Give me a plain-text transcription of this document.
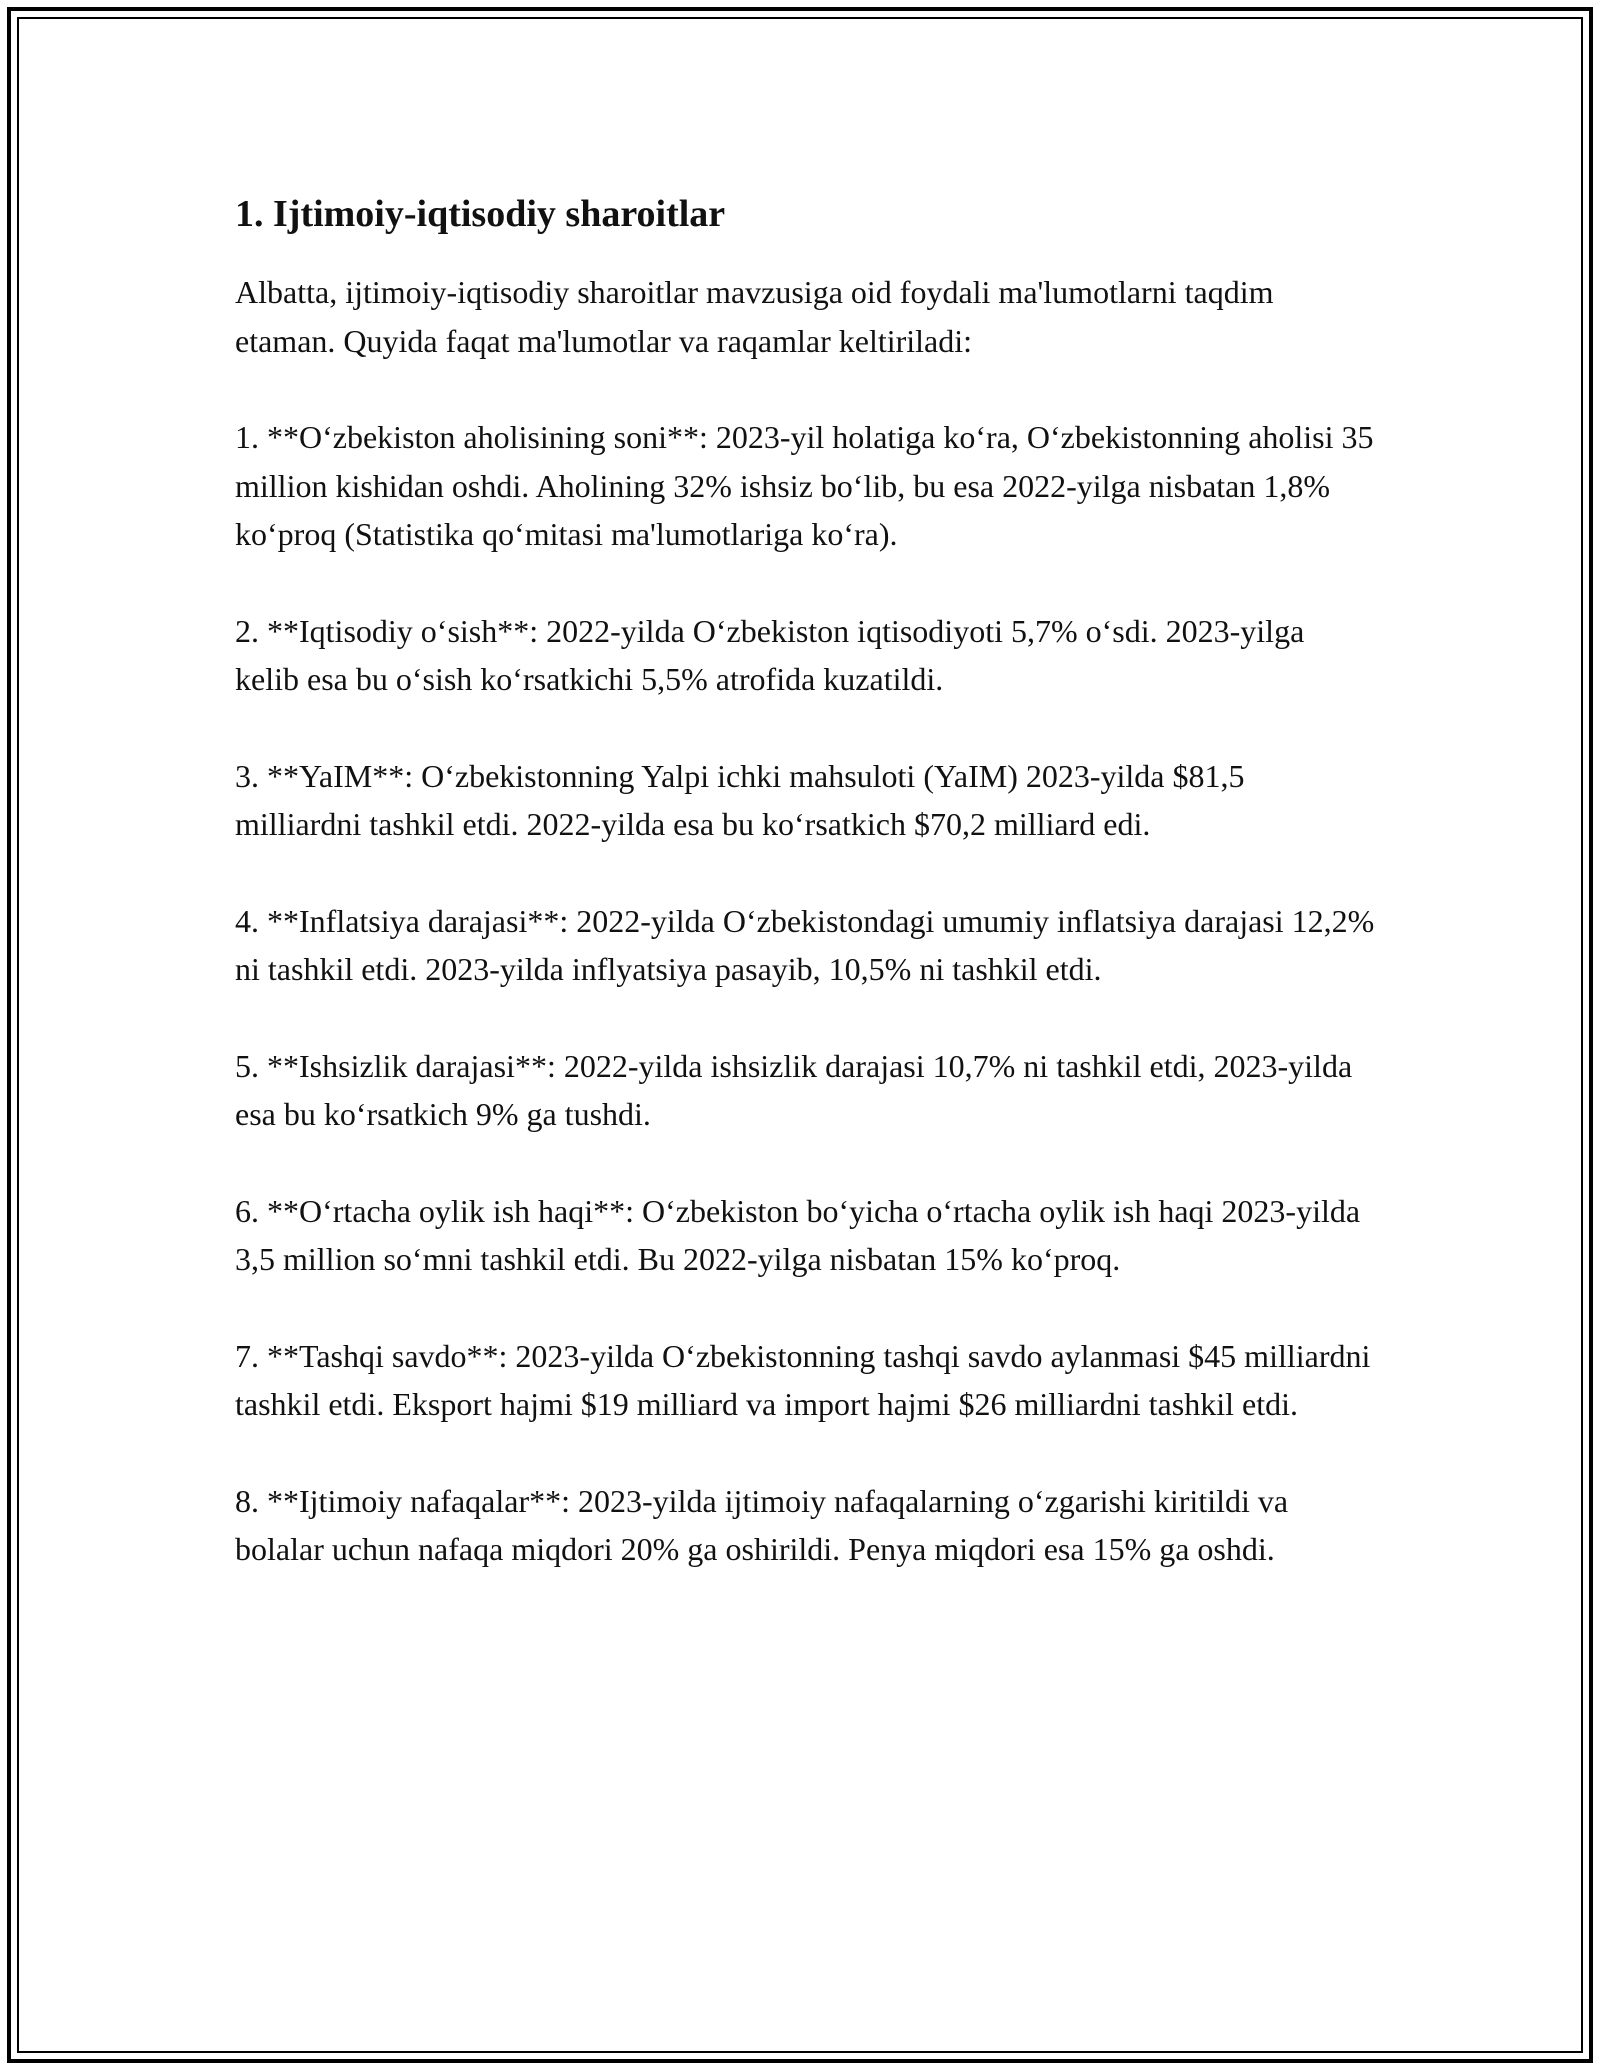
1. Ijtimoiy-iqtisodiy sharoitlar

Albatta, ijtimoiy-iqtisodiy sharoitlar mavzusiga oid foydali ma'lumotlarni taqdim etaman. Quyida faqat ma'lumotlar va raqamlar keltiriladi:

1. **O‘zbekiston aholisining soni**: 2023-yil holatiga ko‘ra, O‘zbekistonning aholisi 35 million kishidan oshdi. Aholining 32% ishsiz bo‘lib, bu esa 2022-yilga nisbatan 1,8% ko‘proq (Statistika qo‘mitasi ma'lumotlariga ko‘ra).

2. **Iqtisodiy o‘sish**: 2022-yilda O‘zbekiston iqtisodiyoti 5,7% o‘sdi. 2023-yilga kelib esa bu o‘sish ko‘rsatkichi 5,5% atrofida kuzatildi.

3. **YaIM**: O‘zbekistonning Yalpi ichki mahsuloti (YaIM) 2023-yilda $81,5 milliardni tashkil etdi. 2022-yilda esa bu ko‘rsatkich $70,2 milliard edi.

4. **Inflatsiya darajasi**: 2022-yilda O‘zbekistondagi umumiy inflatsiya darajasi 12,2% ni tashkil etdi. 2023-yilda inflyatsiya pasayib, 10,5% ni tashkil etdi.

5. **Ishsizlik darajasi**: 2022-yilda ishsizlik darajasi 10,7% ni tashkil etdi, 2023-yilda esa bu ko‘rsatkich 9% ga tushdi.

6. **O‘rtacha oylik ish haqi**: O‘zbekiston bo‘yicha o‘rtacha oylik ish haqi 2023-yilda 3,5 million so‘mni tashkil etdi. Bu 2022-yilga nisbatan 15% ko‘proq.

7. **Tashqi savdo**: 2023-yilda O‘zbekistonning tashqi savdo aylanmasi $45 milliardni tashkil etdi. Eksport hajmi $19 milliard va import hajmi $26 milliardni tashkil etdi.

8. **Ijtimoiy nafaqalar**: 2023-yilda ijtimoiy nafaqalarning o‘zgarishi kiritildi va bolalar uchun nafaqa miqdori 20% ga oshirildi. Penya miqdori esa 15% ga oshdi.
